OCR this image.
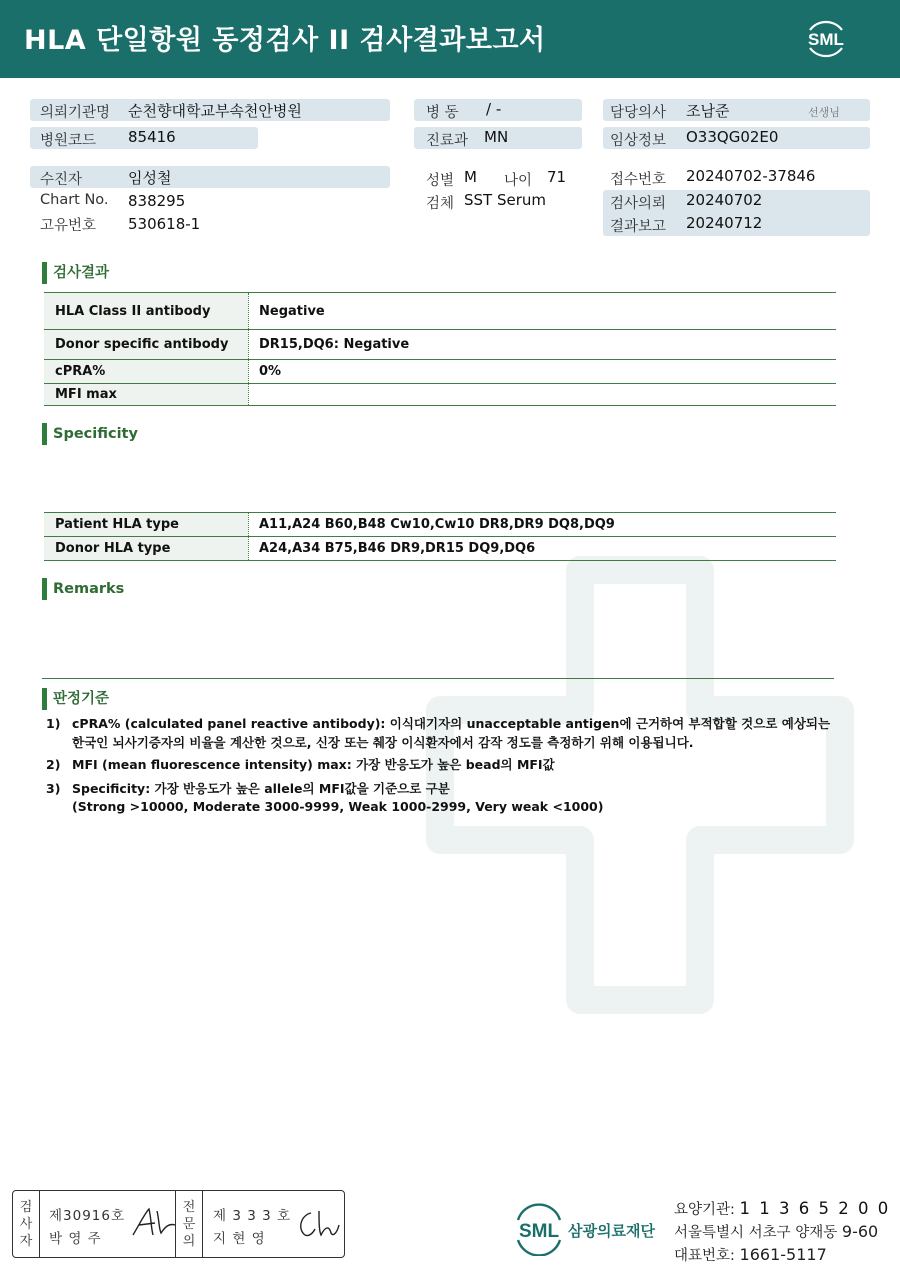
HLA 단일항원 동정검사 II 검사결과보고서	SML
의뢰기관명 순천향대학교부속천안병원
병원코드 85416
수진자	임성철
Chart No. 838295
고유번호 530618-1
병 동 / -
진료과 MN
성별 M 나이 71
검체 SST Serum
담당의사 조남준	선생님
임상정보 O33QG02E0
접수번호 20240702-37846
검사의뢰 20240702
결과보고 20240712
검사결과
HLA Class II antibody	Negative
Donor specific antibody	DR15,DQ6: Negative
cPRA%	0%
MFI max
Specificity
Patient HLA type	A11,A24 B60,B48 Cw10,Cw10 DR8,DR9 DQ8,DQ9
Donor HLA type	A24,A34 B75,B46 DR9,DR15 DQ9,DQ6
Remarks
판정기준
1) cPRA% (calculated panel reactive antibody): 이식대기자의 unacceptable antigen에 근거하여 부적합할 것으로 예상되는
한국인 뇌사기증자의 비율을 계산한 것으로, 신장 또는 췌장 이식환자에서 감작 정도를 측정하기 위해 이용됩니다.
2) MFI (mean fluorescence intensity) max: 가장 반응도가 높은 bead의 MFI값
3) Specificity: 가장 반응도가 높은 allele의 MFI값을 기준으로 구분
(Strong >10000, Moderate 3000-9999, Weak 1000-2999, Very weak <1000)
검
사
자
제30916호
박 영 주
전
문
의
제 3 3 3 호
지 현 영	SML 삼광의료재단
요양기관: 1 1 3 6 5 2 0 0
서울특별시 서초구 양재동 9-60
대표번호: 1661-5117
